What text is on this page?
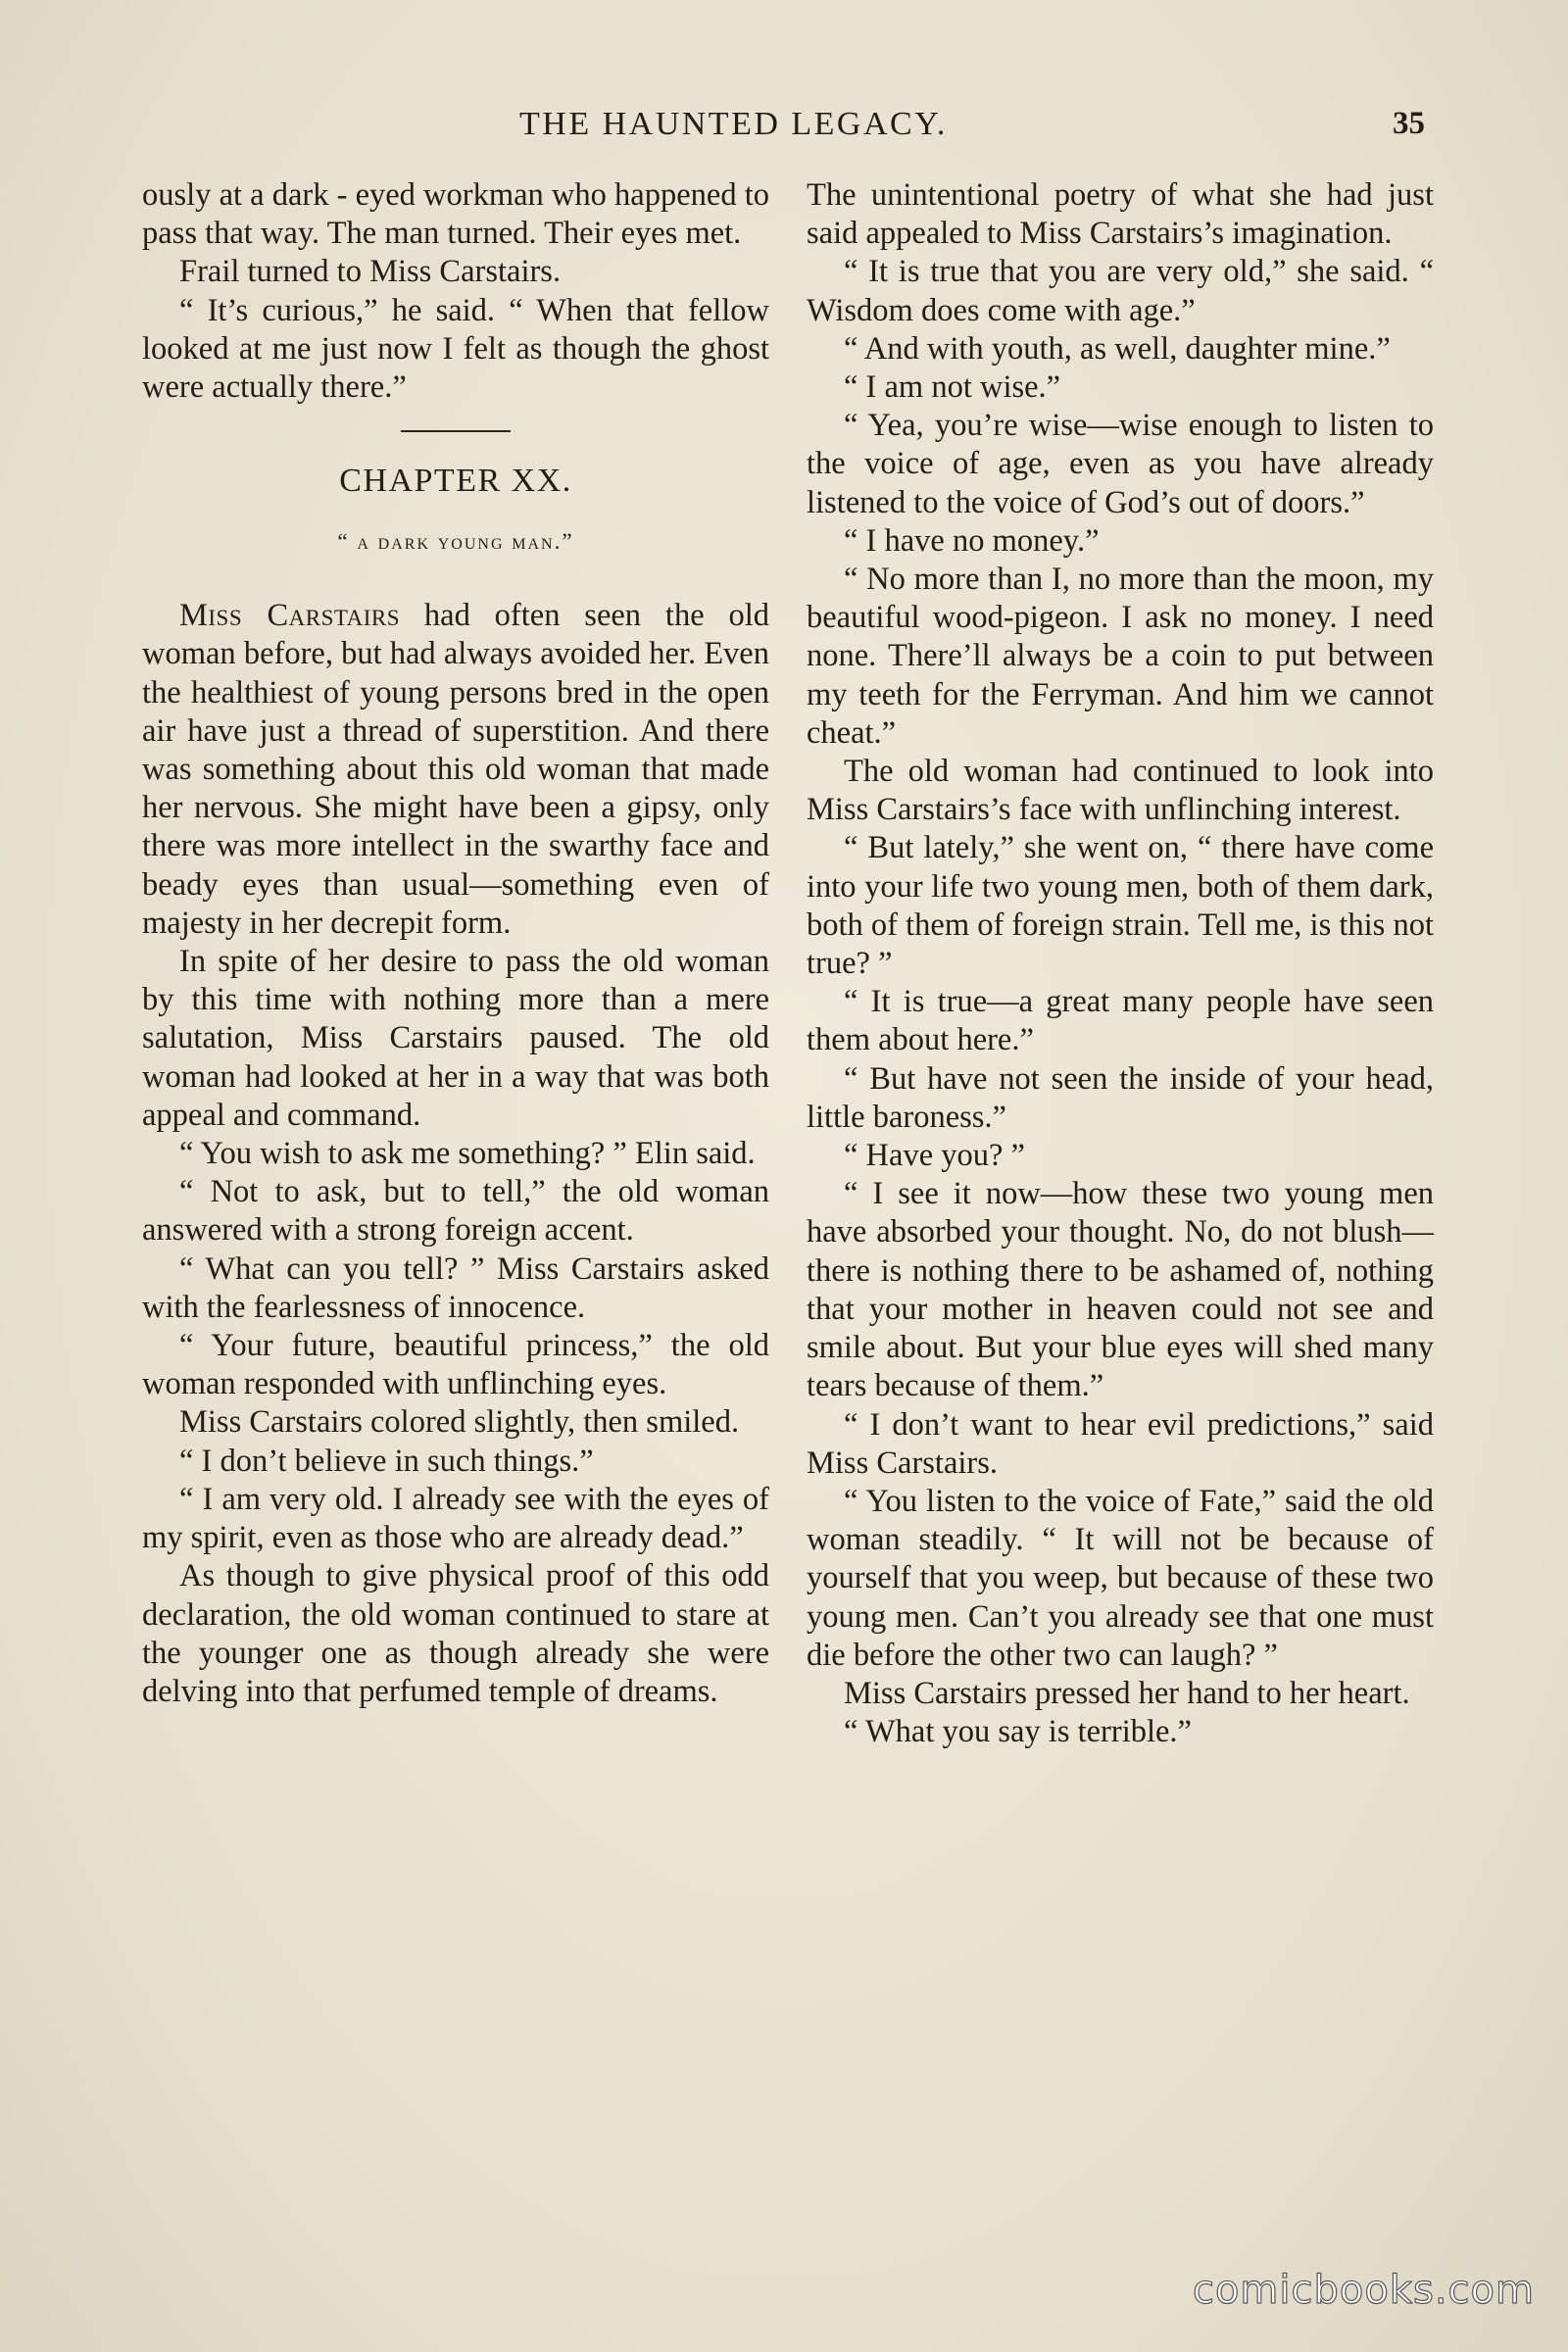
THE HAUNTED LEGACY.	35

ously at a dark - eyed workman who happened to pass that way. The man turned. Their eyes met.

Frail turned to Miss Carstairs.

“ It’s curious,” he said. “ When that fellow looked at me just now I felt as though the ghost were actually there.”

CHAPTER XX.
“ a dark young man.”

Miss Carstairs had often seen the old woman before, but had always avoided her. Even the healthiest of young persons bred in the open air have just a thread of superstition. And there was something about this old woman that made her nervous. She might have been a gipsy, only there was more intellect in the swarthy face and beady eyes than usual—something even of majesty in her decrepit form.

In spite of her desire to pass the old woman by this time with nothing more than a mere salutation, Miss Carstairs paused. The old woman had looked at her in a way that was both appeal and command.

“ You wish to ask me something? ” Elin said.

“ Not to ask, but to tell,” the old woman answered with a strong foreign accent.

“ What can you tell? ” Miss Carstairs asked with the fearlessness of innocence.

“ Your future, beautiful princess,” the old woman responded with unflinching eyes.

Miss Carstairs colored slightly, then smiled.

“ I don’t believe in such things.”

“ I am very old. I already see with the eyes of my spirit, even as those who are already dead.”

As though to give physical proof of this odd declaration, the old woman continued to stare at the younger one as though already she were delving into that perfumed temple of dreams.

The unintentional poetry of what she had just said appealed to Miss Carstairs’s imagination.

“ It is true that you are very old,” she said. “ Wisdom does come with age.”

“ And with youth, as well, daughter mine.”

“ I am not wise.”

“ Yea, you’re wise—wise enough to listen to the voice of age, even as you have already listened to the voice of God’s out of doors.”

“ I have no money.”

“ No more than I, no more than the moon, my beautiful wood-pigeon. I ask no money. I need none. There’ll always be a coin to put between my teeth for the Ferryman. And him we cannot cheat.”

The old woman had continued to look into Miss Carstairs’s face with unflinching interest.

“ But lately,” she went on, “ there have come into your life two young men, both of them dark, both of them of foreign strain. Tell me, is this not true? ”

“ It is true—a great many people have seen them about here.”

“ But have not seen the inside of your head, little baroness.”

“ Have you? ”

“ I see it now—how these two young men have absorbed your thought. No, do not blush—there is nothing there to be ashamed of, nothing that your mother in heaven could not see and smile about. But your blue eyes will shed many tears because of them.”

“ I don’t want to hear evil predictions,” said Miss Carstairs.

“ You listen to the voice of Fate,” said the old woman steadily. “ It will not be because of yourself that you weep, but because of these two young men. Can’t you already see that one must die before the other two can laugh? ”

Miss Carstairs pressed her hand to her heart.

“ What you say is terrible.”

comicbooks.com
